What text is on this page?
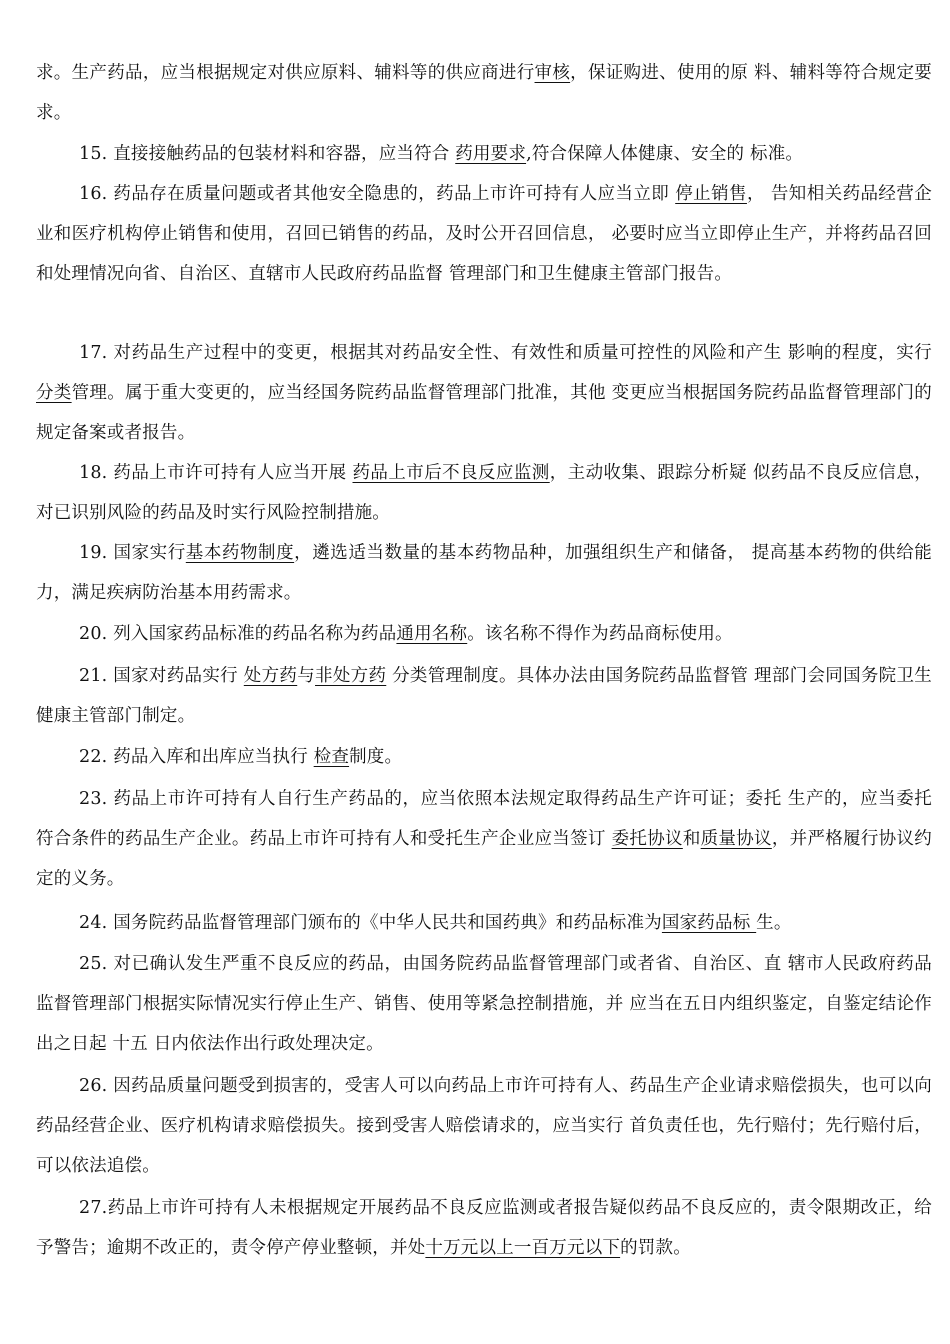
求。生产药品，应当根据规定对供应原料、辅料等的供应商进行审核，保证购进、使用的原 料、辅料等符合规定要求。

15. 直接接触药品的包装材料和容器，应当符合 药用要求,符合保障人体健康、安全的 标准。

16. 药品存在质量问题或者其他安全隐患的，药品上市许可持有人应当立即 停止销售， 告知相关药品经营企业和医疗机构停止销售和使用，召回已销售的药品，及时公开召回信息， 必要时应当立即停止生产，并将药品召回和处理情况向省、自治区、直辖市人民政府药品监督 管理部门和卫生健康主管部门报告。

17. 对药品生产过程中的变更，根据其对药品安全性、有效性和质量可控性的风险和产生 影响的程度，实行分类管理。属于重大变更的，应当经国务院药品监督管理部门批准，其他 变更应当根据国务院药品监督管理部门的规定备案或者报告。

18. 药品上市许可持有人应当开展 药品上市后不良反应监测，主动收集、跟踪分析疑 似药品不良反应信息，对已识别风险的药品及时实行风险控制措施。

19. 国家实行基本药物制度，遴选适当数量的基本药物品种，加强组织生产和储备， 提高基本药物的供给能力，满足疾病防治基本用药需求。

20. 列入国家药品标准的药品名称为药品通用名称。该名称不得作为药品商标使用。

21. 国家对药品实行 处方药与非处方药 分类管理制度。具体办法由国务院药品监督管 理部门会同国务院卫生健康主管部门制定。

22. 药品入库和出库应当执行 检查制度。

23. 药品上市许可持有人自行生产药品的，应当依照本法规定取得药品生产许可证；委托 生产的，应当委托符合条件的药品生产企业。药品上市许可持有人和受托生产企业应当签订 委托协议和质量协议，并严格履行协议约定的义务。

24. 国务院药品监督管理部门颁布的《中华人民共和国药典》和药品标准为国家药品标 生。

25. 对已确认发生严重不良反应的药品，由国务院药品监督管理部门或者省、自治区、直 辖市人民政府药品监督管理部门根据实际情况实行停止生产、销售、使用等紧急控制措施，并 应当在五日内组织鉴定，自鉴定结论作出之日起 十五 日内依法作出行政处理决定。

26. 因药品质量问题受到损害的，受害人可以向药品上市许可持有人、药品生产企业请求赔偿损失，也可以向药品经营企业、医疗机构请求赔偿损失。接到受害人赔偿请求的，应当实行 首负责任也，先行赔付；先行赔付后，可以依法追偿。

27.药品上市许可持有人未根据规定开展药品不良反应监测或者报告疑似药品不良反应的，责令限期改正，给予警告；逾期不改正的，责令停产停业整顿，并处十万元以上一百万元以下的罚款。
